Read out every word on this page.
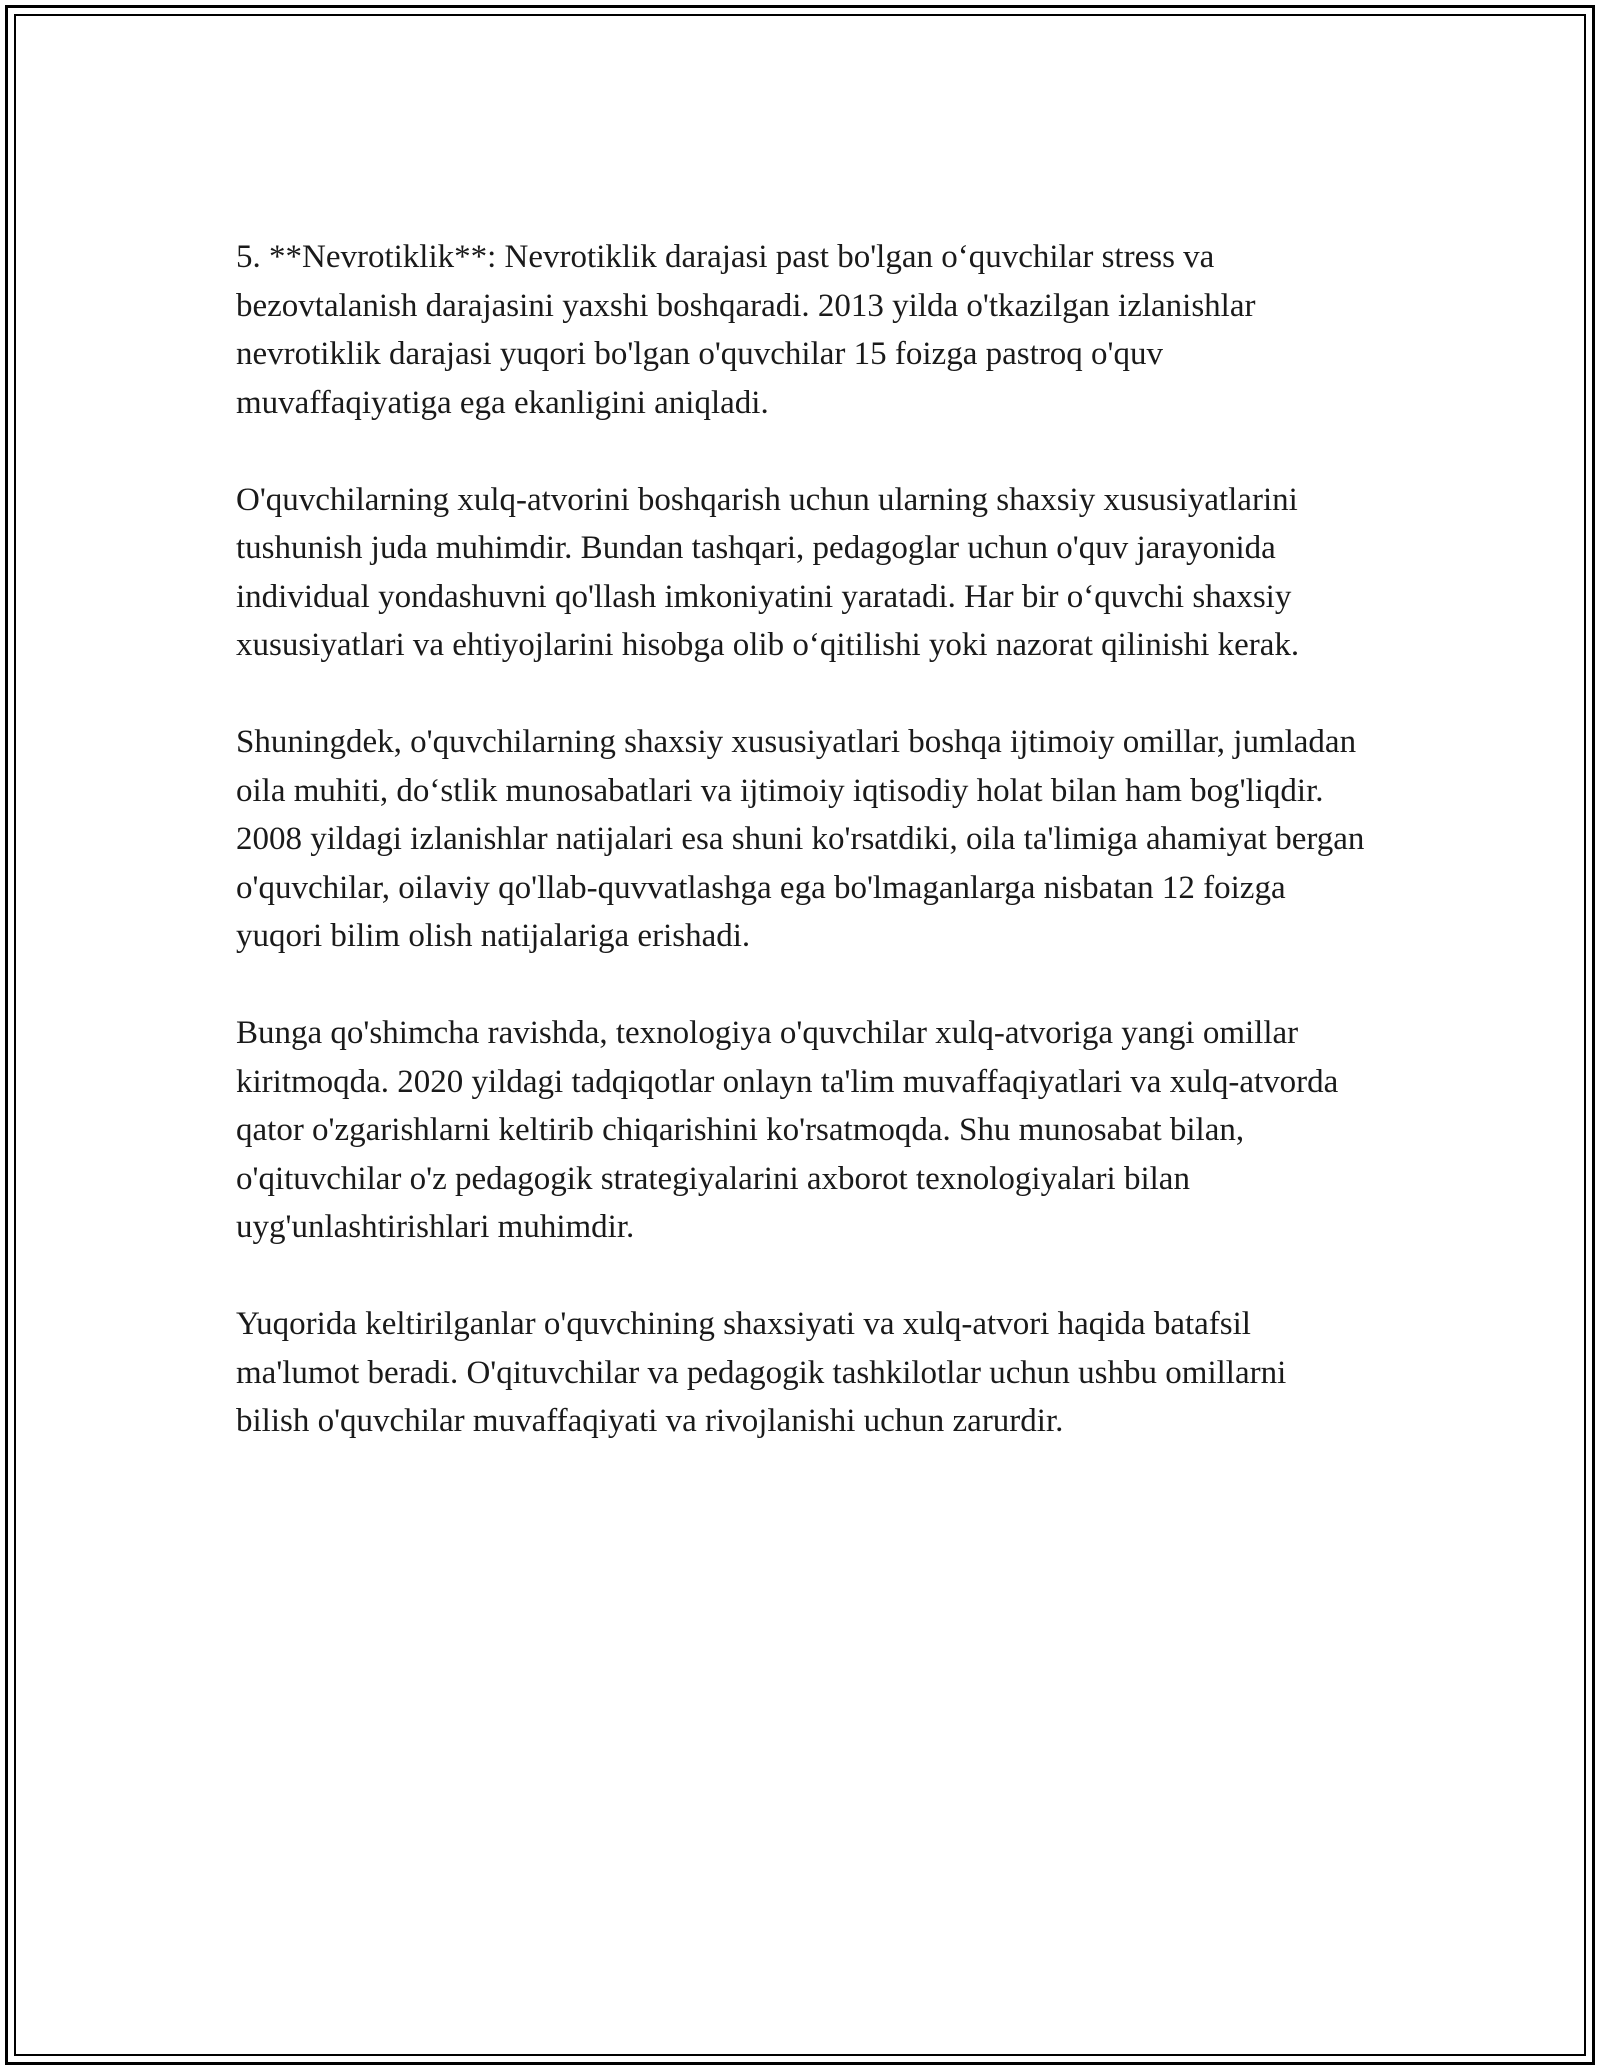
5. **Nevrotiklik**: Nevrotiklik darajasi past bo'lgan o‘quvchilar stress va bezovtalanish darajasini yaxshi boshqaradi. 2013 yilda o'tkazilgan izlanishlar nevrotiklik darajasi yuqori bo'lgan o'quvchilar 15 foizga pastroq o'quv muvaffaqiyatiga ega ekanligini aniqladi.

O'quvchilarning xulq-atvorini boshqarish uchun ularning shaxsiy xususiyatlarini tushunish juda muhimdir. Bundan tashqari, pedagoglar uchun o'quv jarayonida individual yondashuvni qo'llash imkoniyatini yaratadi. Har bir o‘quvchi shaxsiy xususiyatlari va ehtiyojlarini hisobga olib o‘qitilishi yoki nazorat qilinishi kerak.

Shuningdek, o'quvchilarning shaxsiy xususiyatlari boshqa ijtimoiy omillar, jumladan oila muhiti, do‘stlik munosabatlari va ijtimoiy iqtisodiy holat bilan ham bog'liqdir. 2008 yildagi izlanishlar natijalari esa shuni ko'rsatdiki, oila ta'limiga ahamiyat bergan o'quvchilar, oilaviy qo'llab-quvvatlashga ega bo'lmaganlarga nisbatan 12 foizga yuqori bilim olish natijalariga erishadi.

Bunga qo'shimcha ravishda, texnologiya o'quvchilar xulq-atvoriga yangi omillar kiritmoqda. 2020 yildagi tadqiqotlar onlayn ta'lim muvaffaqiyatlari va xulq-atvorda qator o'zgarishlarni keltirib chiqarishini ko'rsatmoqda. Shu munosabat bilan, o'qituvchilar o'z pedagogik strategiyalarini axborot texnologiyalari bilan uyg'unlashtirishlari muhimdir.

Yuqorida keltirilganlar o'quvchining shaxsiyati va xulq-atvori haqida batafsil ma'lumot beradi. O'qituvchilar va pedagogik tashkilotlar uchun ushbu omillarni bilish o'quvchilar muvaffaqiyati va rivojlanishi uchun zarurdir.
